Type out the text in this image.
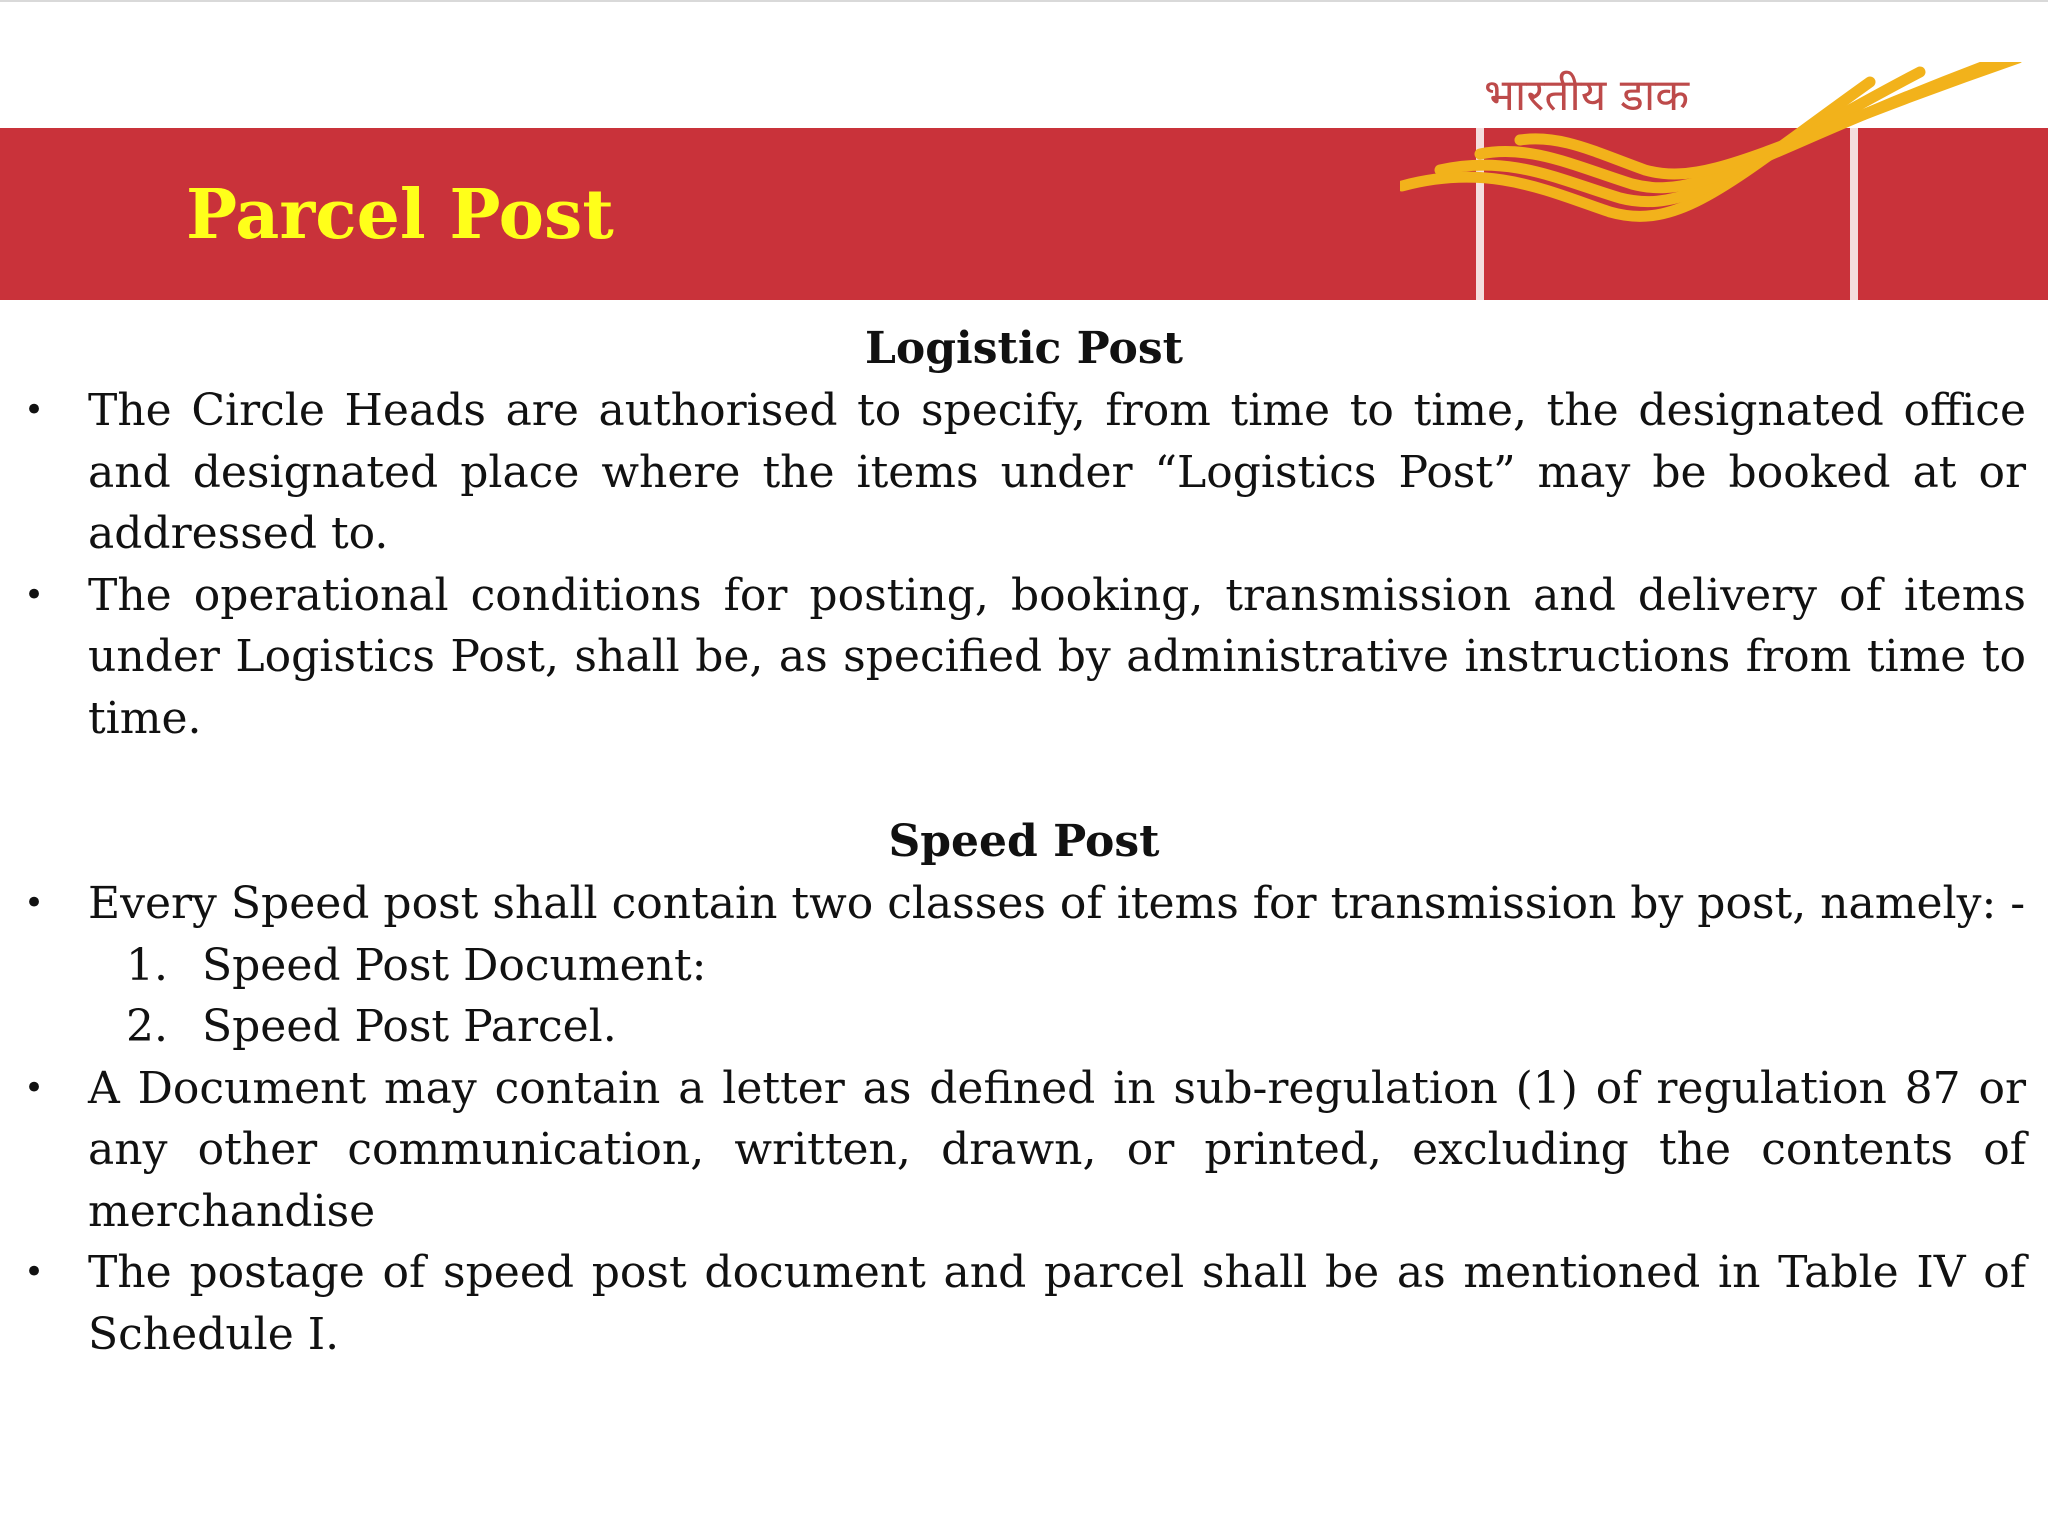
Parcel Post
भारतीय डाक
Logistic Post
• The Circle Heads are authorised to specify, from time to time, the designated office and designated place where the items under “Logistics Post” may be booked at or addressed to.
• The operational conditions for posting, booking, transmission and delivery of items under Logistics Post, shall be, as specified by administrative instructions from time to time.
Speed Post
• Every Speed post shall contain two classes of items for transmission by post, namely: -
1. Speed Post Document:
2. Speed Post Parcel.
• A Document may contain a letter as defined in sub-regulation (1) of regulation 87 or any other communication, written, drawn, or printed, excluding the contents of merchandise
• The postage of speed post document and parcel shall be as mentioned in Table IV of Schedule I.
